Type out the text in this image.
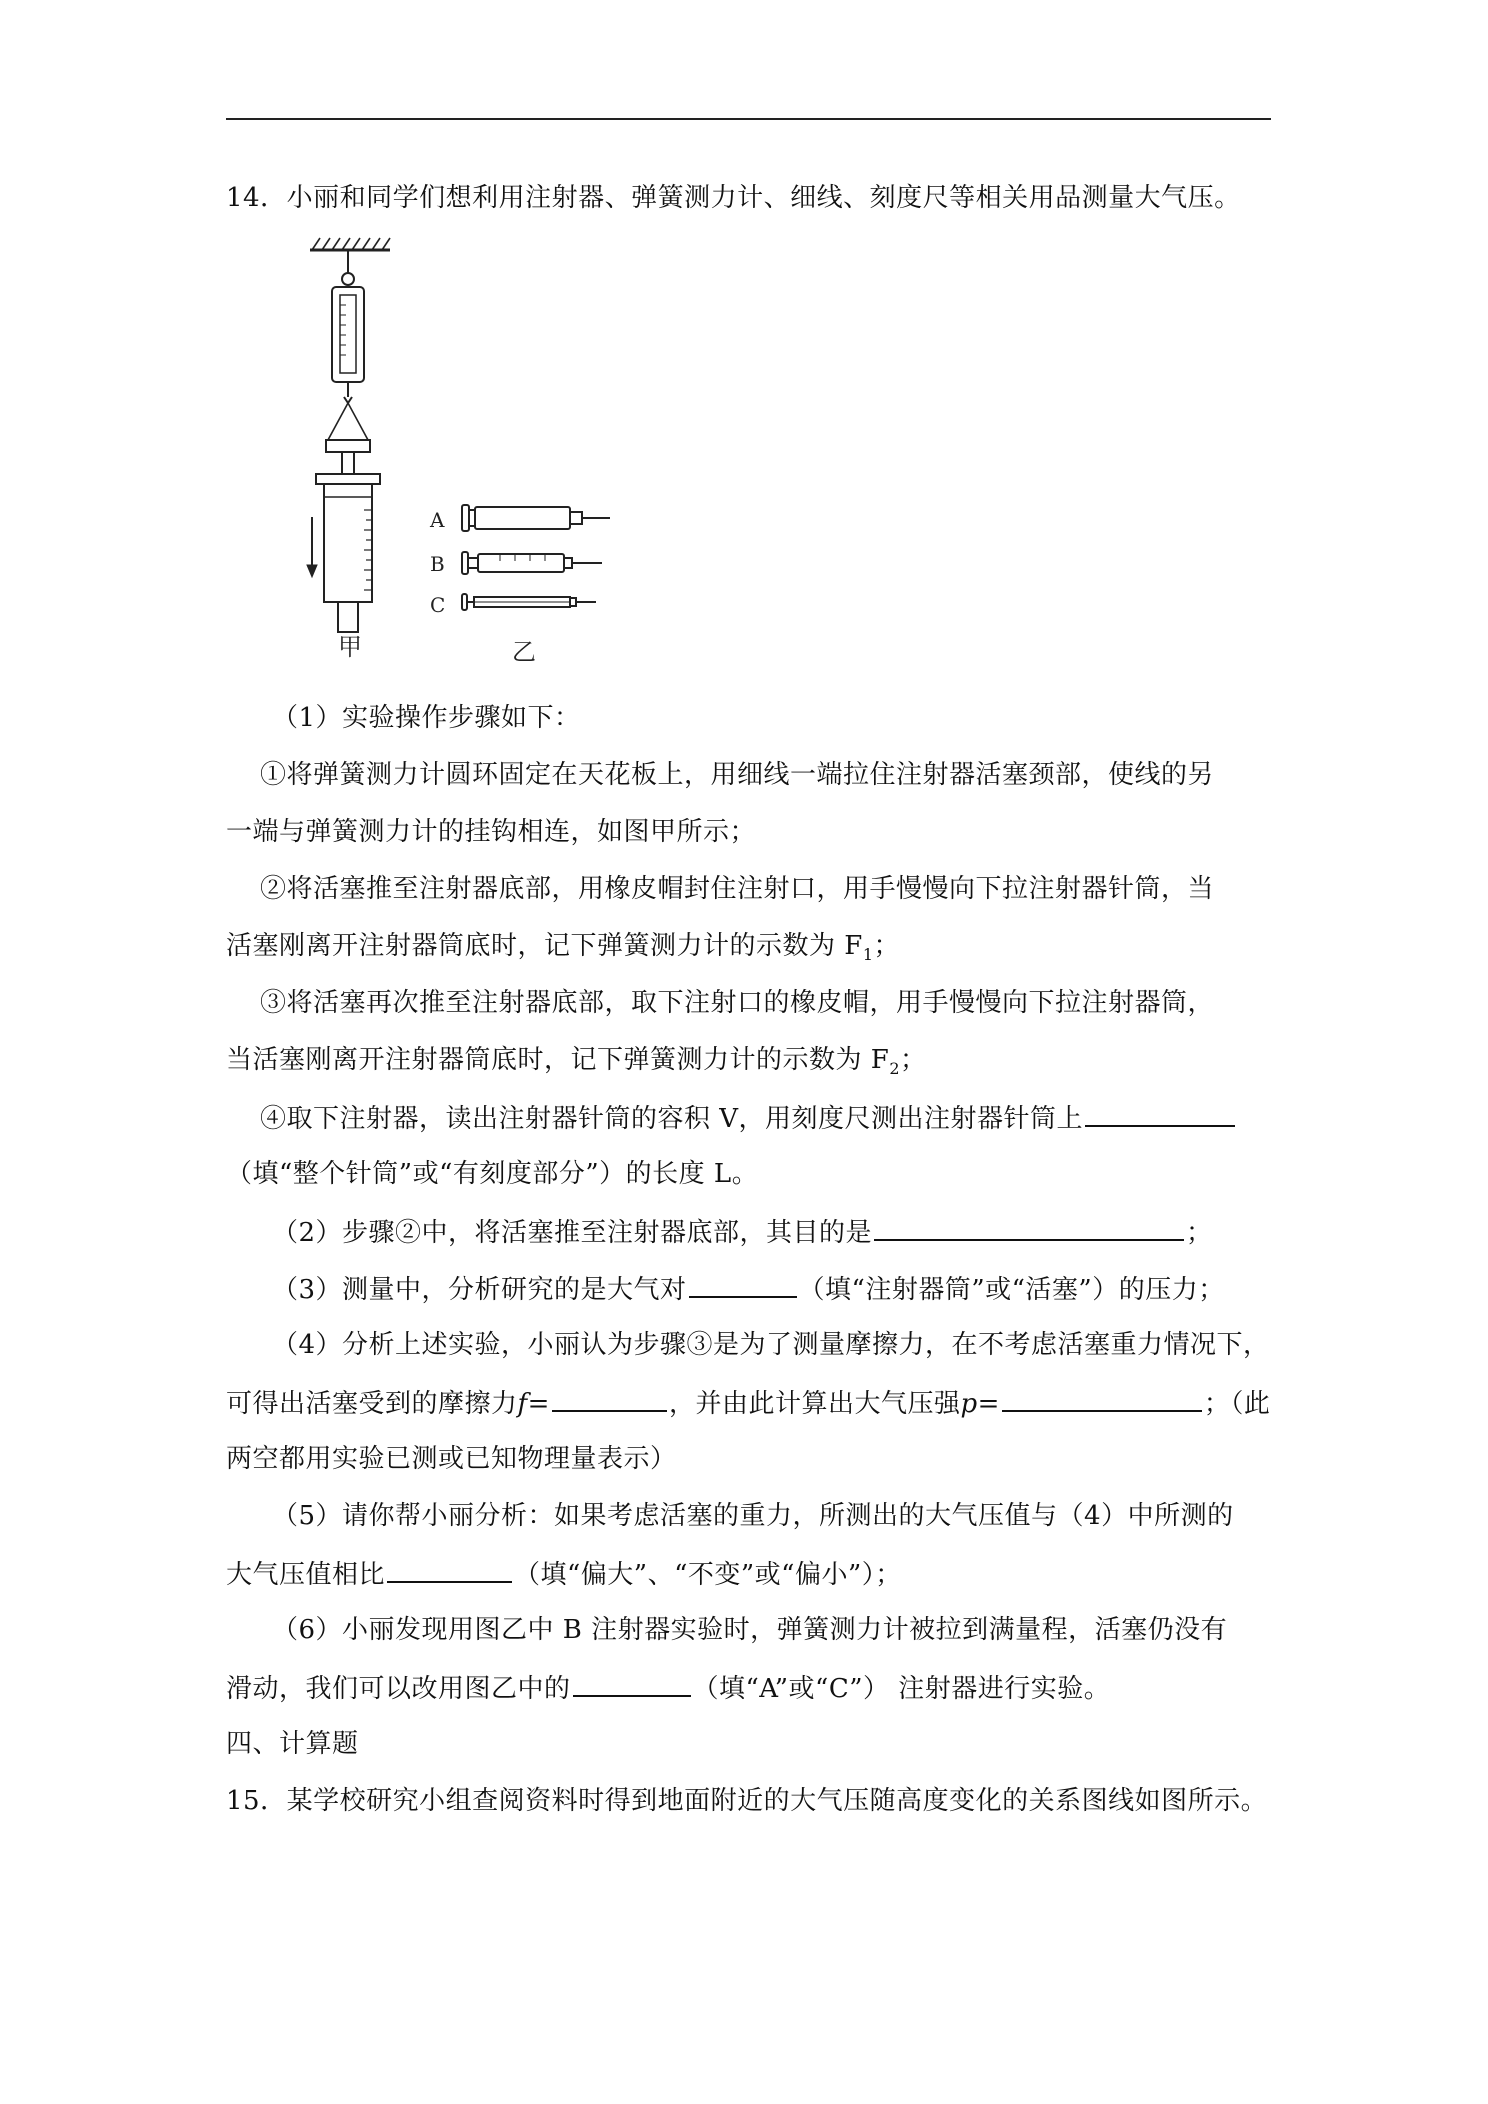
14．小丽和同学们想利用注射器、弹簧测力计、细线、刻度尺等相关用品测量大气压。
甲
A
B
C
乙
（1）实验操作步骤如下：
①将弹簧测力计圆环固定在天花板上，用细线一端拉住注射器活塞颈部，使线的另
一端与弹簧测力计的挂钩相连，如图甲所示；
②将活塞推至注射器底部，用橡皮帽封住注射口，用手慢慢向下拉注射器针筒，当
活塞刚离开注射器筒底时，记下弹簧测力计的示数为 $F_1$；
③将活塞再次推至注射器底部，取下注射口的橡皮帽，用手慢慢向下拉注射器筒，
当活塞刚离开注射器筒底时，记下弹簧测力计的示数为 $F_2$；
④取下注射器，读出注射器针筒的容积 V，用刻度尺测出注射器针筒上
（填“整个针筒”或“有刻度部分”）的长度 L。
（2）步骤②中，将活塞推至注射器底部，其目的是	；
（3）测量中，分析研究的是大气对	（填“注射器筒”或“活塞”）的压力；
（4）分析上述实验，小丽认为步骤③是为了测量摩擦力，在不考虑活塞重力情况下，
可得出活塞受到的摩擦力f=	，并由此计算出大气压强p=	；（此
两空都用实验已测或已知物理量表示）
（5）请你帮小丽分析：如果考虑活塞的重力，所测出的大气压值与（4）中所测的
大气压值相比	（填“偏大”、“不变”或“偏小”）；
（6）小丽发现用图乙中 B 注射器实验时，弹簧测力计被拉到满量程，活塞仍没有
滑动，我们可以改用图乙中的	（填“A”或“C”） 注射器进行实验。
四、计算题
15．某学校研究小组查阅资料时得到地面附近的大气压随高度变化的关系图线如图所示。
